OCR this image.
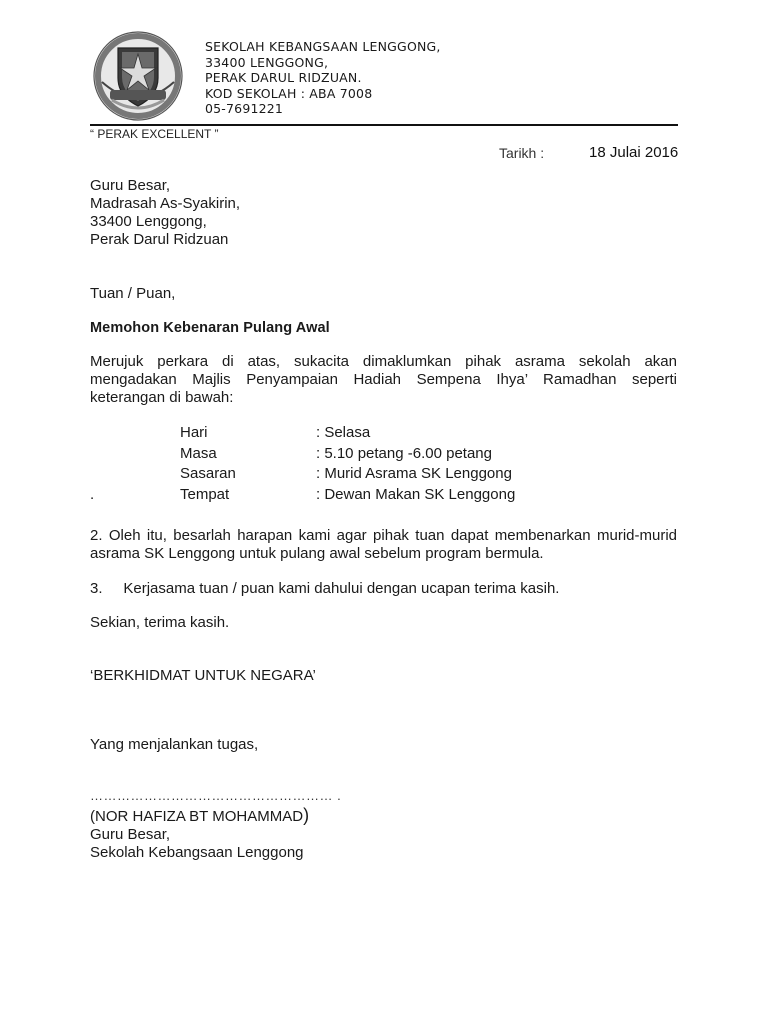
SEKOLAH KEBANGSAAN LENGGONG,
33400 LENGGONG,
PERAK DARUL RIDZUAN.
KOD SEKOLAH : ABA 7008
05-7691221
“ PERAK EXCELLENT ”
Tarikh :	18 Julai 2016
Guru Besar,
Madrasah As-Syakirin,
33400 Lenggong,
Perak Darul Ridzuan
Tuan / Puan,
Memohon Kebenaran Pulang Awal
Merujuk perkara di atas, sukacita dimaklumkan pihak asrama sekolah akan
mengadakan Majlis Penyampaian Hadiah Sempena Ihya’ Ramadhan seperti
keterangan di bawah:
Hari	: Selasa
Masa	: 5.10 petang -6.00 petang
Sasaran	: Murid Asrama SK Lenggong
.	Tempat	: Dewan Makan SK Lenggong
2. Oleh itu, besarlah harapan kami agar pihak tuan dapat membenarkan murid-murid
asrama SK Lenggong untuk pulang awal sebelum program bermula.
3.     Kerjasama tuan / puan kami dahului dengan ucapan terima kasih.
Sekian, terima kasih.
‘BERKHIDMAT UNTUK NEGARA’
Yang menjalankan tugas,
……………………………………………… .
(NOR HAFIZA BT MOHAMMAD)
Guru Besar,
Sekolah Kebangsaan Lenggong
